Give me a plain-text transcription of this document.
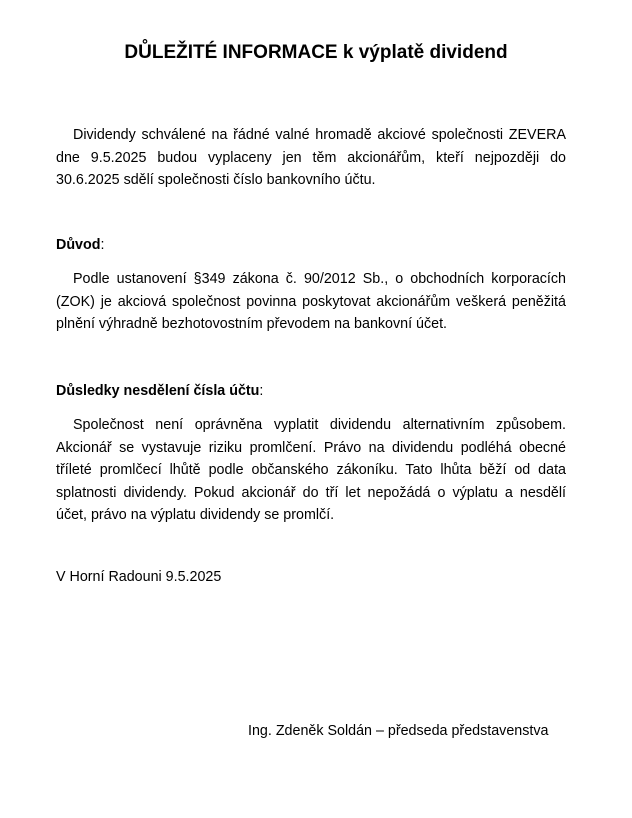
DŮLEŽITÉ INFORMACE k výplatě dividend

Dividendy schválené na řádné valné hromadě akciové společnosti ZEVERA dne 9.5.2025 budou vyplaceny jen těm akcionářům, kteří nejpozději do 30.6.2025 sdělí společnosti číslo bankovního účtu.

Důvod:

Podle ustanovení §349 zákona č. 90/2012 Sb., o obchodních korporacích (ZOK) je akciová společnost povinna poskytovat akcionářům veškerá peněžitá plnění výhradně bezhotovostním převodem na bankovní účet.

Důsledky nesdělení čísla účtu:

Společnost není oprávněna vyplatit dividendu alternativním způsobem. Akcionář se vystavuje riziku promlčení. Právo na dividendu podléhá obecné tříleté promlčecí lhůtě podle občanského zákoníku. Tato lhůta běží od data splatnosti dividendy. Pokud akcionář do tří let nepožádá o výplatu a nesdělí účet, právo na výplatu dividendy se promlčí.

V Horní Radouni 9.5.2025
Ing. Zdeněk Soldán – předseda představenstva
